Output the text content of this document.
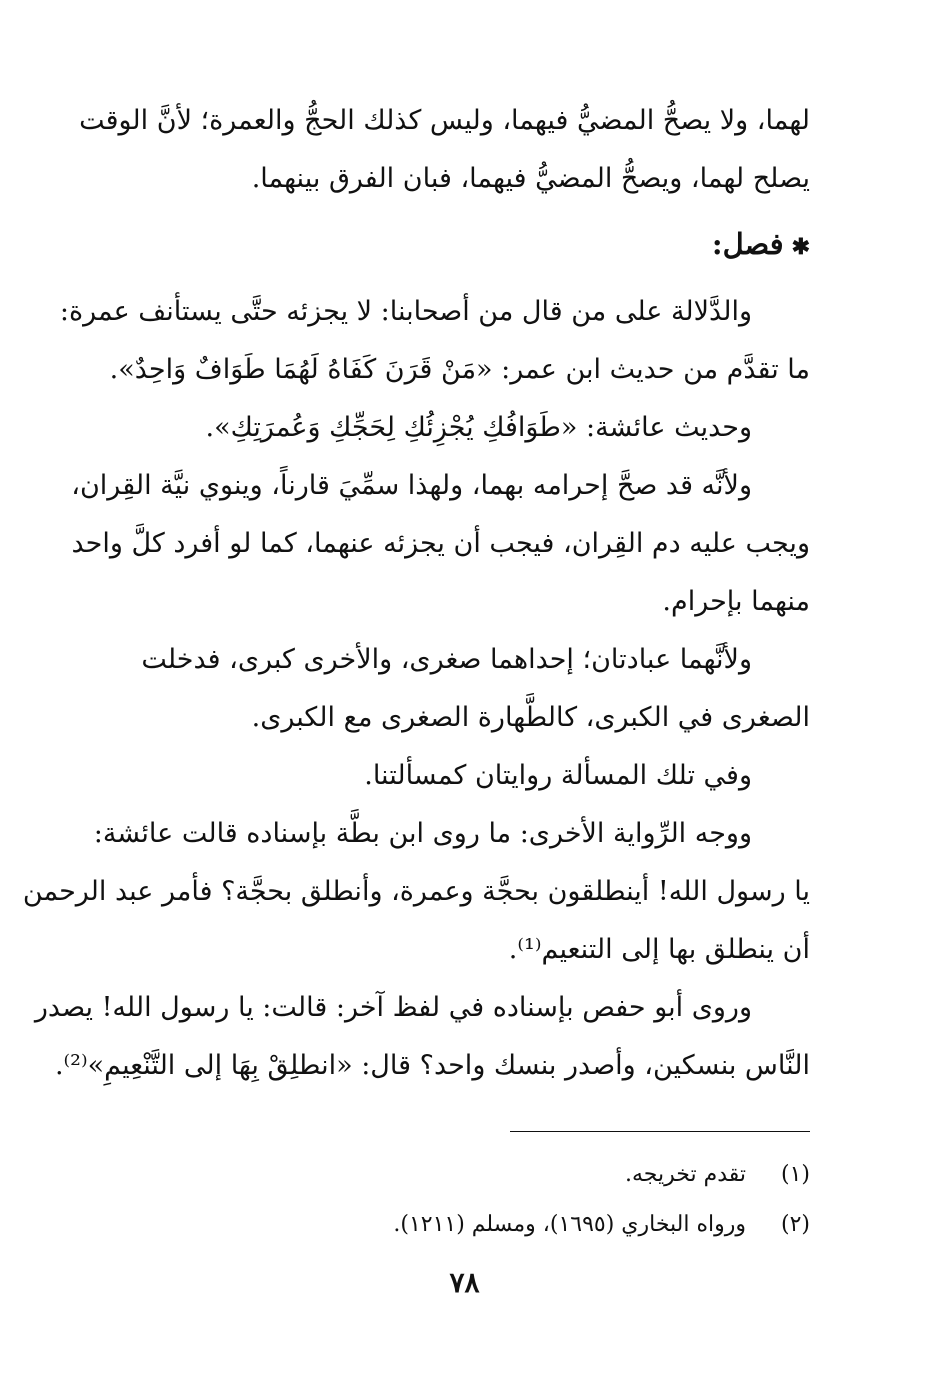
لهما، ولا يصحُّ المضيُّ فيهما، وليس كذلك الحجُّ والعمرة؛ لأنَّ الوقت
يصلح لهما، ويصحُّ المضيُّ فيهما، فبان الفرق بينهما.
✱فصل:
والدَّلالة على من قال من أصحابنا: لا يجزئه حتَّى يستأنف عمرة:
ما تقدَّم من حديث ابن عمر: «مَنْ قَرَنَ كَفَاهُ لَهُمَا طَوَافٌ وَاحِدٌ».
وحديث عائشة: «طَوَافُكِ يُجْزِئُكِ لِحَجِّكِ وَعُمرَتِكِ».
ولأنَّه قد صحَّ إحرامه بهما، ولهذا سمِّيَ قارناً، وينوي نيَّة القِران،
ويجب عليه دم القِران، فيجب أن يجزئه عنهما، كما لو أفرد كلَّ واحد
منهما بإحرام.
ولأنَّهما عبادتان؛ إحداهما صغرى، والأخرى كبرى، فدخلت
الصغرى في الكبرى، كالطَّهارة الصغرى مع الكبرى.
وفي تلك المسألة روايتان كمسألتنا.
ووجه الرِّواية الأخرى: ما روى ابن بطَّة بإسناده قالت عائشة:
يا رسول الله! أينطلقون بحجَّة وعمرة، وأنطلق بحجَّة؟ فأمر عبد الرحمن
أن ينطلق بها إلى التنعيم⁽¹⁾.
وروى أبو حفص بإسناده في لفظ آخر: قالت: يا رسول الله! يصدر
النَّاس بنسكين، وأصدر بنسك واحد؟ قال: «انطلِقْ بِهَا إلى التَّنْعِيمِ»⁽²⁾.
(١)تقدم تخريجه.
(٢)ورواه البخاري (١٦٩٥)، ومسلم (١٢١١).
٧٨
